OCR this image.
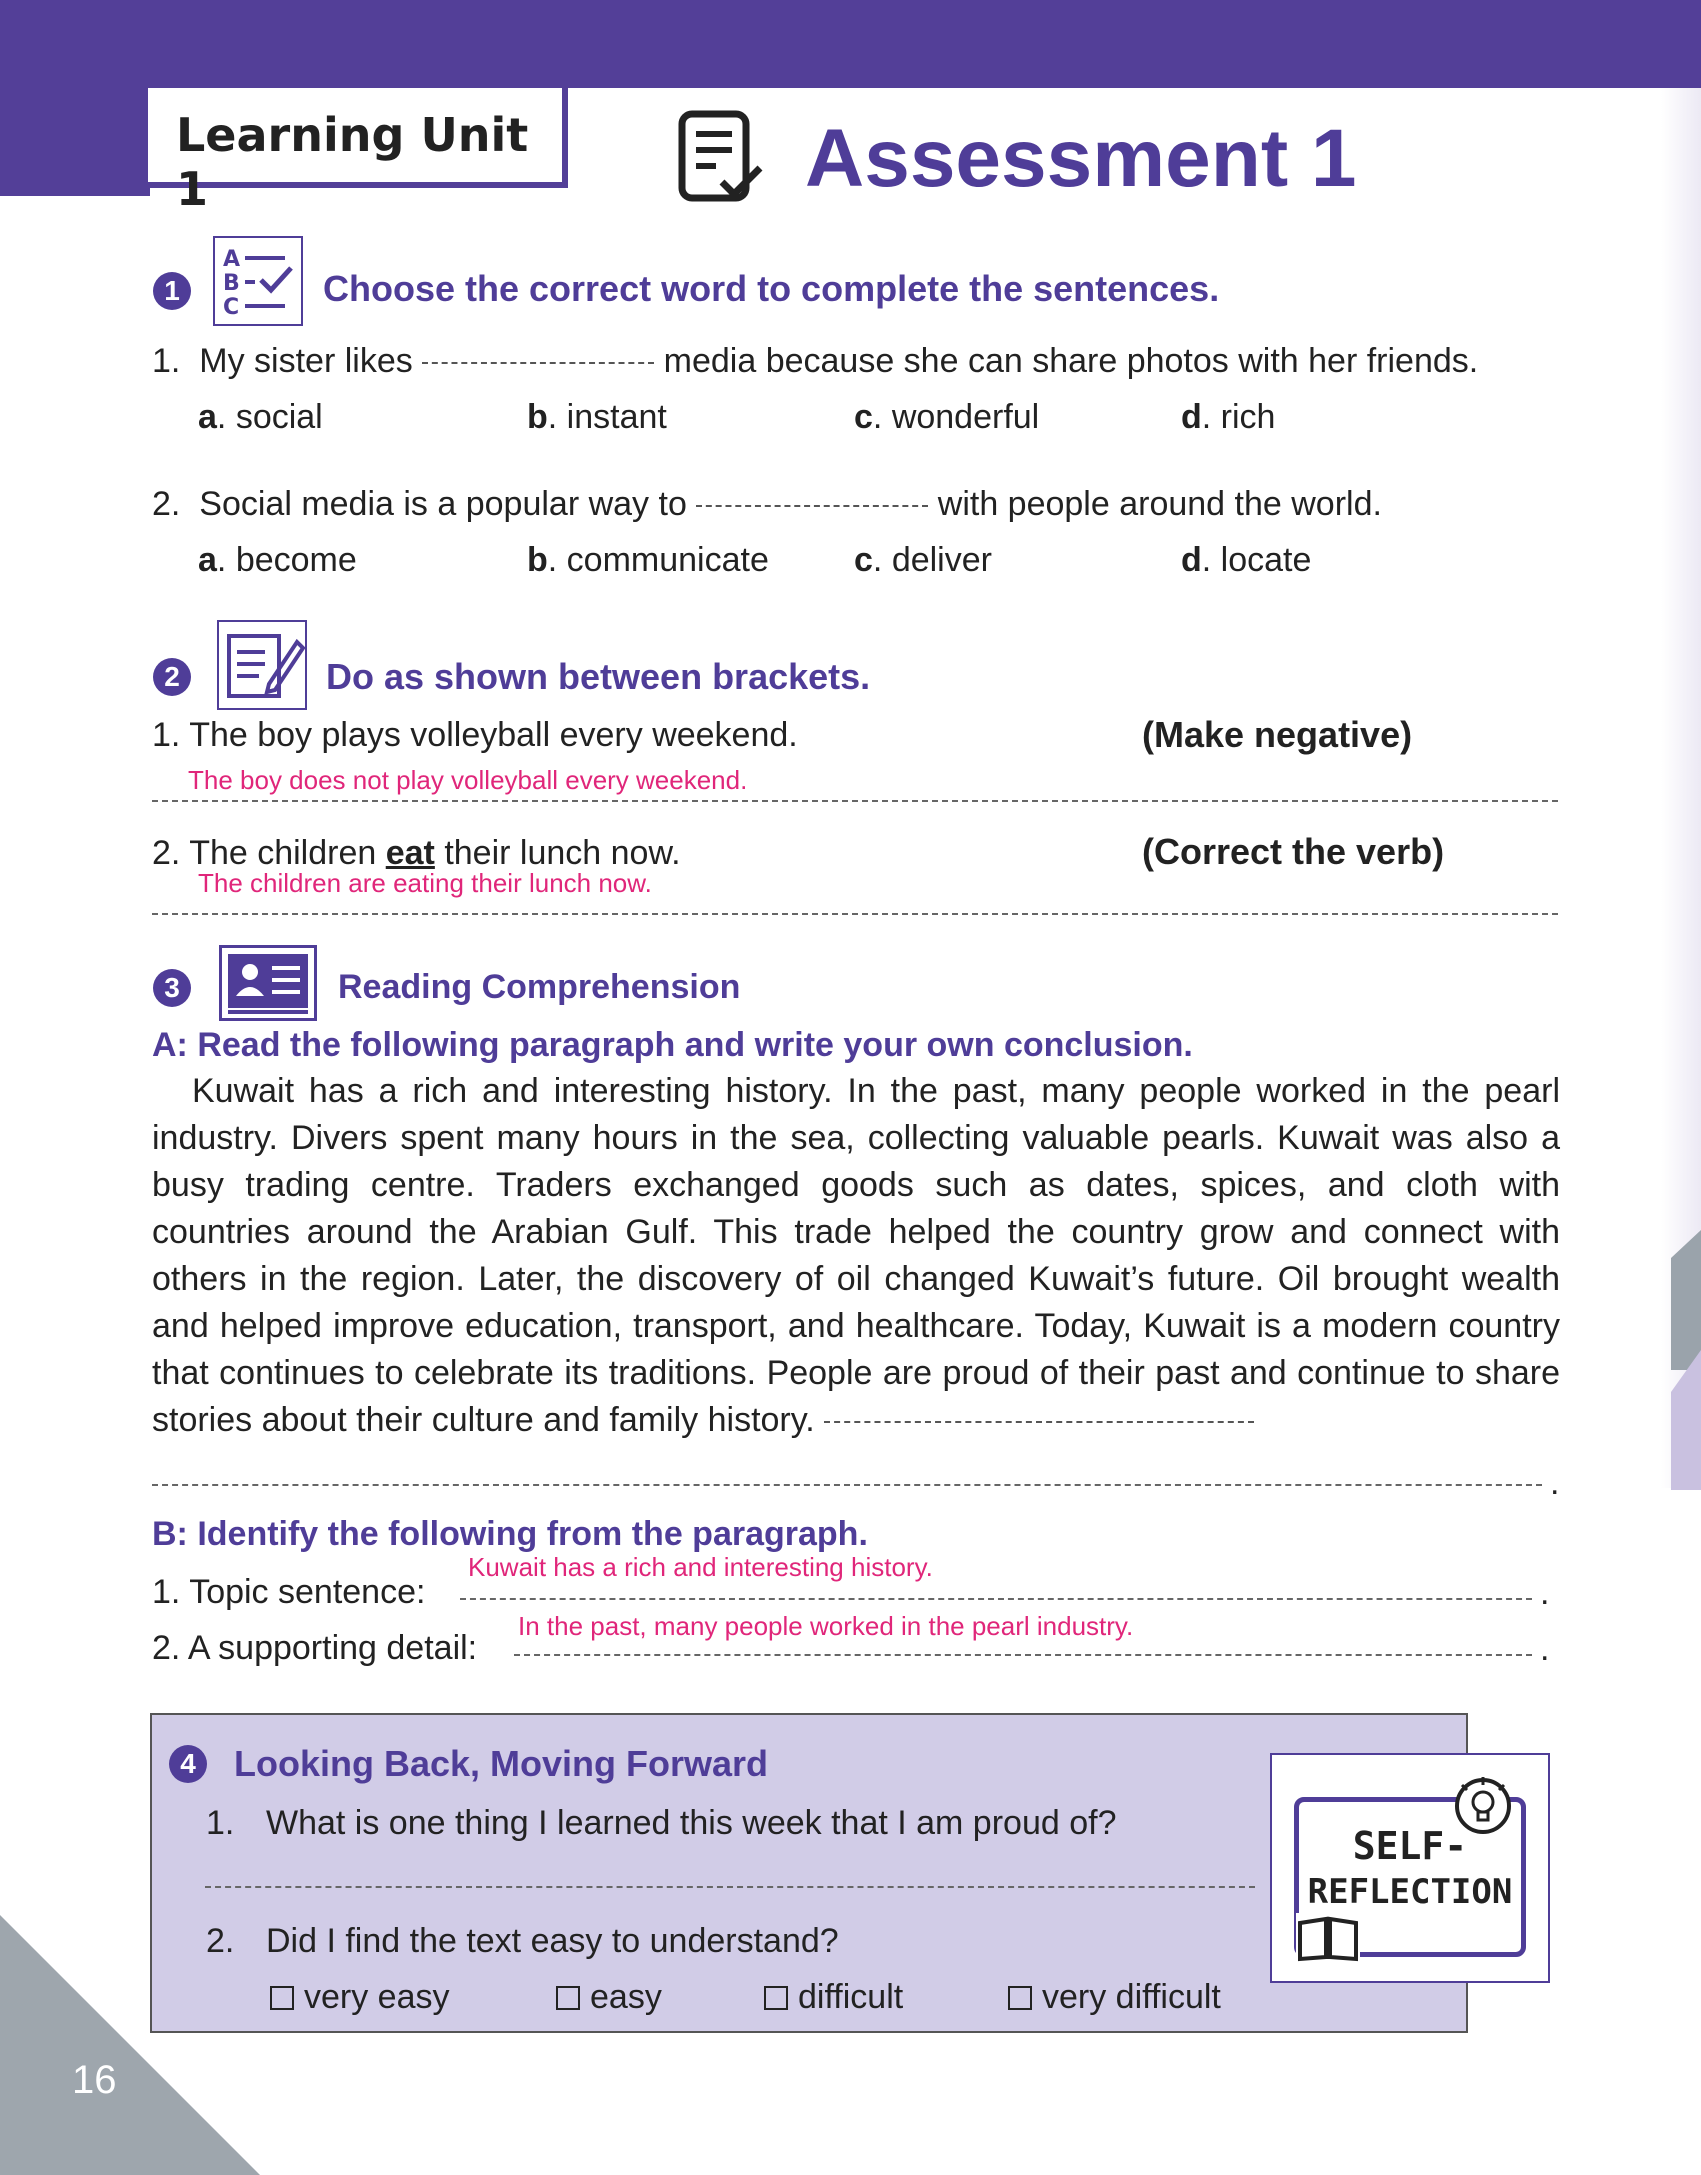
Learning Unit 1	Assessment 1
1
A
B
C Choose the correct word to complete the sentences.
1. My sister likes	media because she can share photos with her friends.
a. social	b. instant	c. wonderful	d. rich
2. Social media is a popular way to	with people around the world.
a. become	b. communicate	c. deliver	d. locate
2	Do as shown between brackets.
1. The boy plays volleyball every weekend.	(Make negative)
The boy does not play volleyball every weekend.
2. The children eat their lunch now.	(Correct the verb)
The children are eating their lunch now.
3	Reading Comprehension
A: Read the following paragraph and write your own conclusion.
Kuwait has a rich and interesting history. In the past, many people worked in the pearl industry. Divers spent many hours in the sea, collecting valuable pearls. Kuwait was also a busy trading centre. Traders exchanged goods such as dates, spices, and cloth with countries around the Arabian Gulf. This trade helped the country grow and connect with others in the region. Later, the discovery of oil changed Kuwait’s future. Oil brought wealth and helped improve education, transport, and healthcare. Today, Kuwait is a modern country that continues to celebrate its traditions. People are proud of their past and continue to share stories about their culture and family history.
.
B: Identify the following from the paragraph.
1. Topic sentence:
Kuwait has a rich and interesting history.
.
2. A supporting detail:
In the past, many people worked in the pearl industry.
.
4	Looking Back, Moving Forward
1. What is one thing I learned this week that I am proud of?
2. Did I find the text easy to understand?
very easy	easy	difficult	very difficult
SELF-
REFLECTION
16
